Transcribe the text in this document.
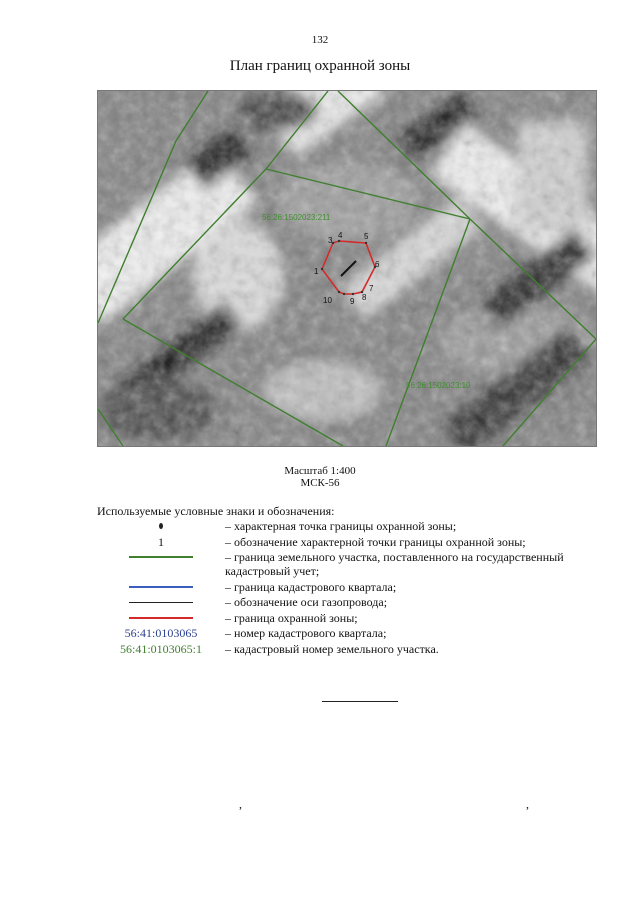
132
План границ охранной зоны
56:26:1502023:211
56:26:1502023:10
1
3
4	5
6
7
8
9
10
Масштаб 1:400
МСК-56
Используемые условные знаки и обозначения:
– характерная точка границы охранной зоны;
1	– обозначение характерной точки границы охранной зоны;
– граница земельного участка, поставленного на государственный кадастровый учет;
– граница кадастрового квартала;
– обозначение оси газопровода;
– граница охранной зоны;
56:41:0103065 – номер кадастрового квартала;
56:41:0103065:1 – кадастровый номер земельного участка.
,	,
